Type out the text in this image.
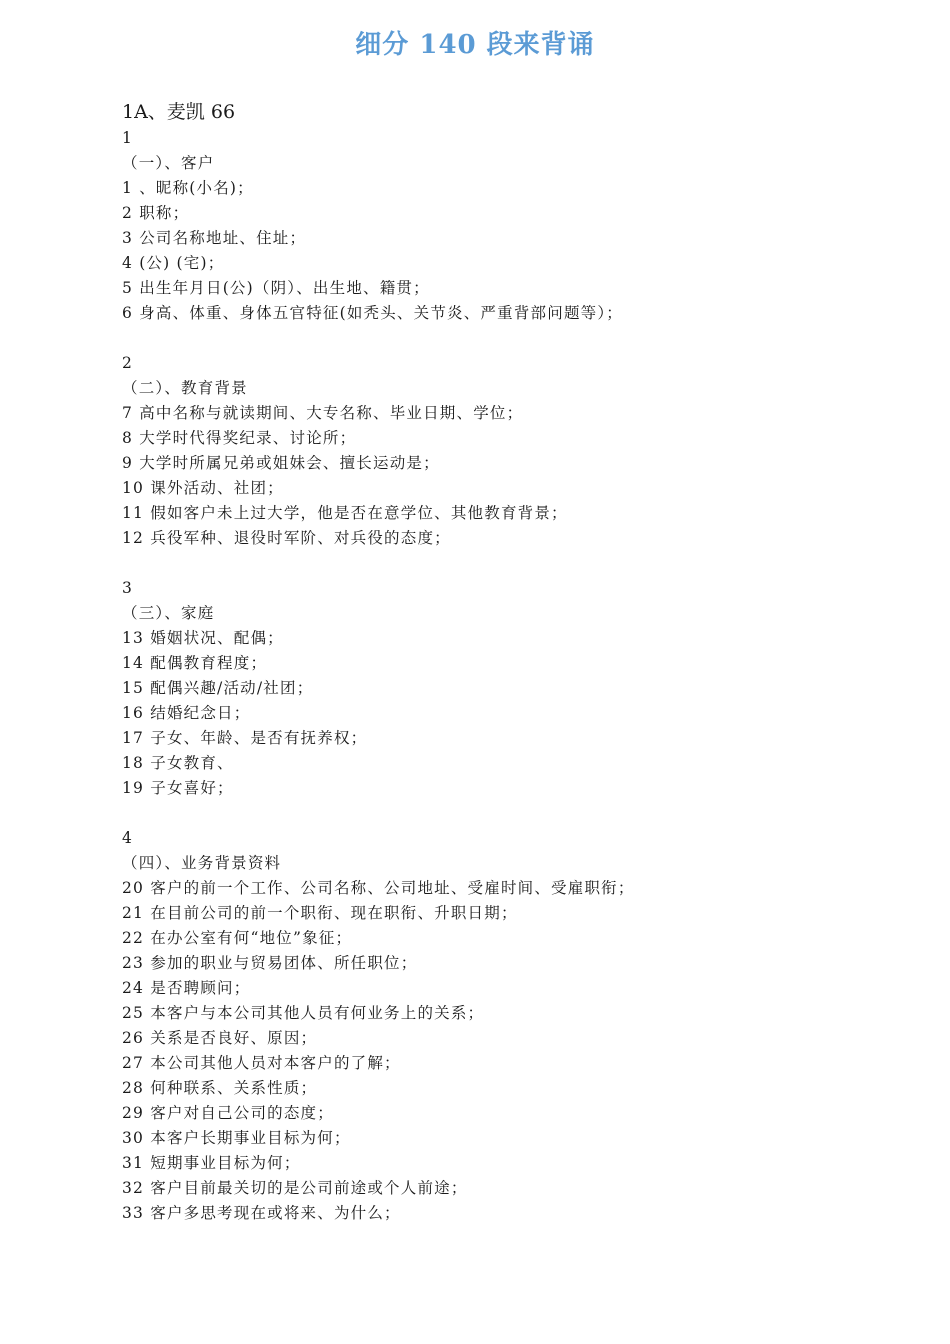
细分 140 段来背诵
1A、麦凯 66
1
（一）、客户
1 、昵称(小名)；
2 职称；
3 公司名称地址、住址；
4 (公) (宅)；
5 出生年月日(公)（阴）、出生地、籍贯；
6 身高、体重、身体五官特征(如秃头、关节炎、严重背部问题等）；
2
（二）、教育背景
7 高中名称与就读期间、大专名称、毕业日期、学位；
8 大学时代得奖纪录、讨论所；
9 大学时所属兄弟或姐妹会、擅长运动是；
10 课外活动、社团；
11 假如客户未上过大学，他是否在意学位、其他教育背景；
12 兵役军种、退役时军阶、对兵役的态度；
3
（三）、家庭
13 婚姻状况、配偶；
14 配偶教育程度；
15 配偶兴趣/活动/社团；
16 结婚纪念日；
17 子女、年龄、是否有抚养权；
18 子女教育、
19 子女喜好；
4
（四）、业务背景资料
20 客户的前一个工作、公司名称、公司地址、受雇时间、受雇职衔；
21 在目前公司的前一个职衔、现在职衔、升职日期；
22 在办公室有何“地位”象征；
23 参加的职业与贸易团体、所任职位；
24 是否聘顾问；
25 本客户与本公司其他人员有何业务上的关系；
26 关系是否良好、原因；
27 本公司其他人员对本客户的了解；
28 何种联系、关系性质；
29 客户对自己公司的态度；
30 本客户长期事业目标为何；
31 短期事业目标为何；
32 客户目前最关切的是公司前途或个人前途；
33 客户多思考现在或将来、为什么；
